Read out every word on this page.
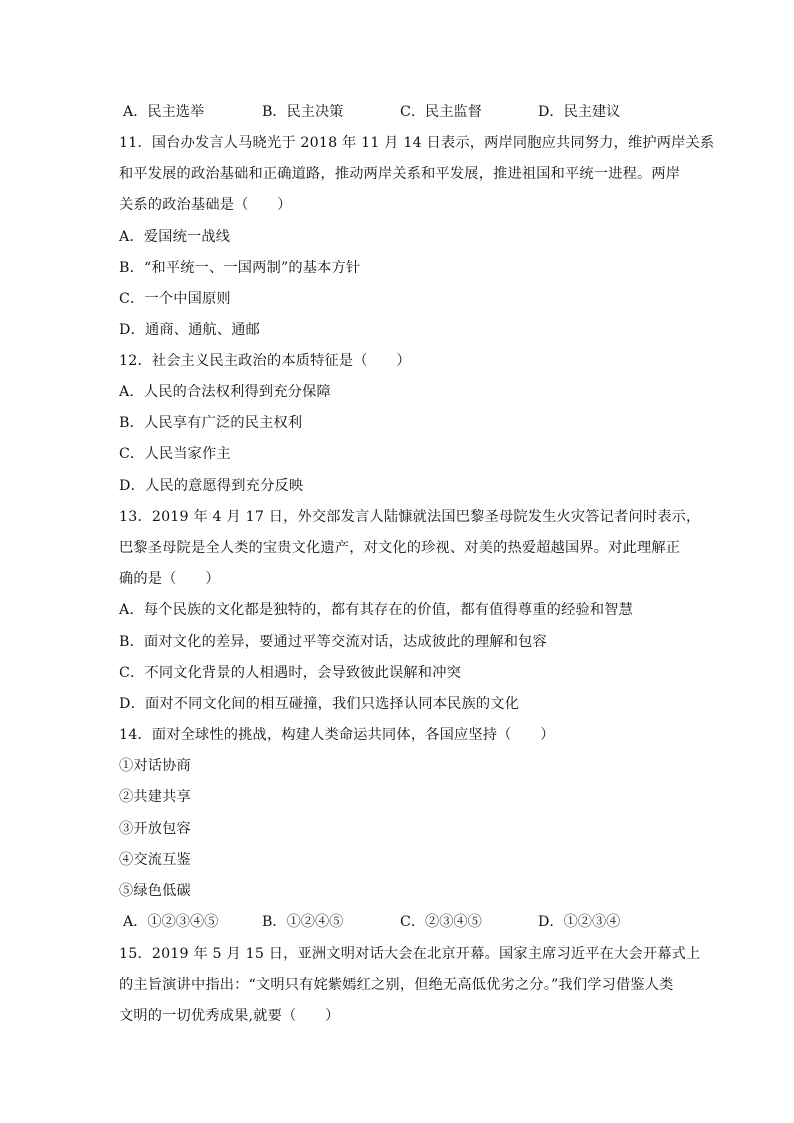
A．民主选举	B．民主决策	C．民主监督	D．民主建议
11．国台办发言人马晓光于 2018 年 11 月 14 日表示，两岸同胞应共同努力，维护两岸关系
和平发展的政治基础和正确道路，推动两岸关系和平发展，推进祖国和平统一进程。两岸
关系的政治基础是（　　）
A．爱国统一战线
B．“和平统一、一国两制”的基本方针
C．一个中国原则
D．通商、通航、通邮
12．社会主义民主政治的本质特征是（　　）
A．人民的合法权利得到充分保障
B．人民享有广泛的民主权利
C．人民当家作主
D．人民的意愿得到充分反映
13．2019 年 4 月 17 日，外交部发言人陆慷就法国巴黎圣母院发生火灾答记者问时表示，
巴黎圣母院是全人类的宝贵文化遗产，对文化的珍视、对美的热爱超越国界。对此理解正
确的是（　　）
A．每个民族的文化都是独特的，都有其存在的价值，都有值得尊重的经验和智慧
B．面对文化的差异，要通过平等交流对话，达成彼此的理解和包容
C．不同文化背景的人相遇时，会导致彼此误解和冲突
D．面对不同文化间的相互碰撞，我们只选择认同本民族的文化
14．面对全球性的挑战，构建人类命运共同体，各国应坚持（　　）
①对话协商
②共建共享
③开放包容
④交流互鉴
⑤绿色低碳
A．①②③④⑤	B．①②④⑤	C．②③④⑤	D．①②③④
15．2019 年 5 月 15 日，亚洲文明对话大会在北京开幕。国家主席习近平在大会开幕式上
的主旨演讲中指出：“文明只有姹紫嫣红之别，但绝无高低优劣之分。”我们学习借鉴人类
文明的一切优秀成果,就要（　　）
